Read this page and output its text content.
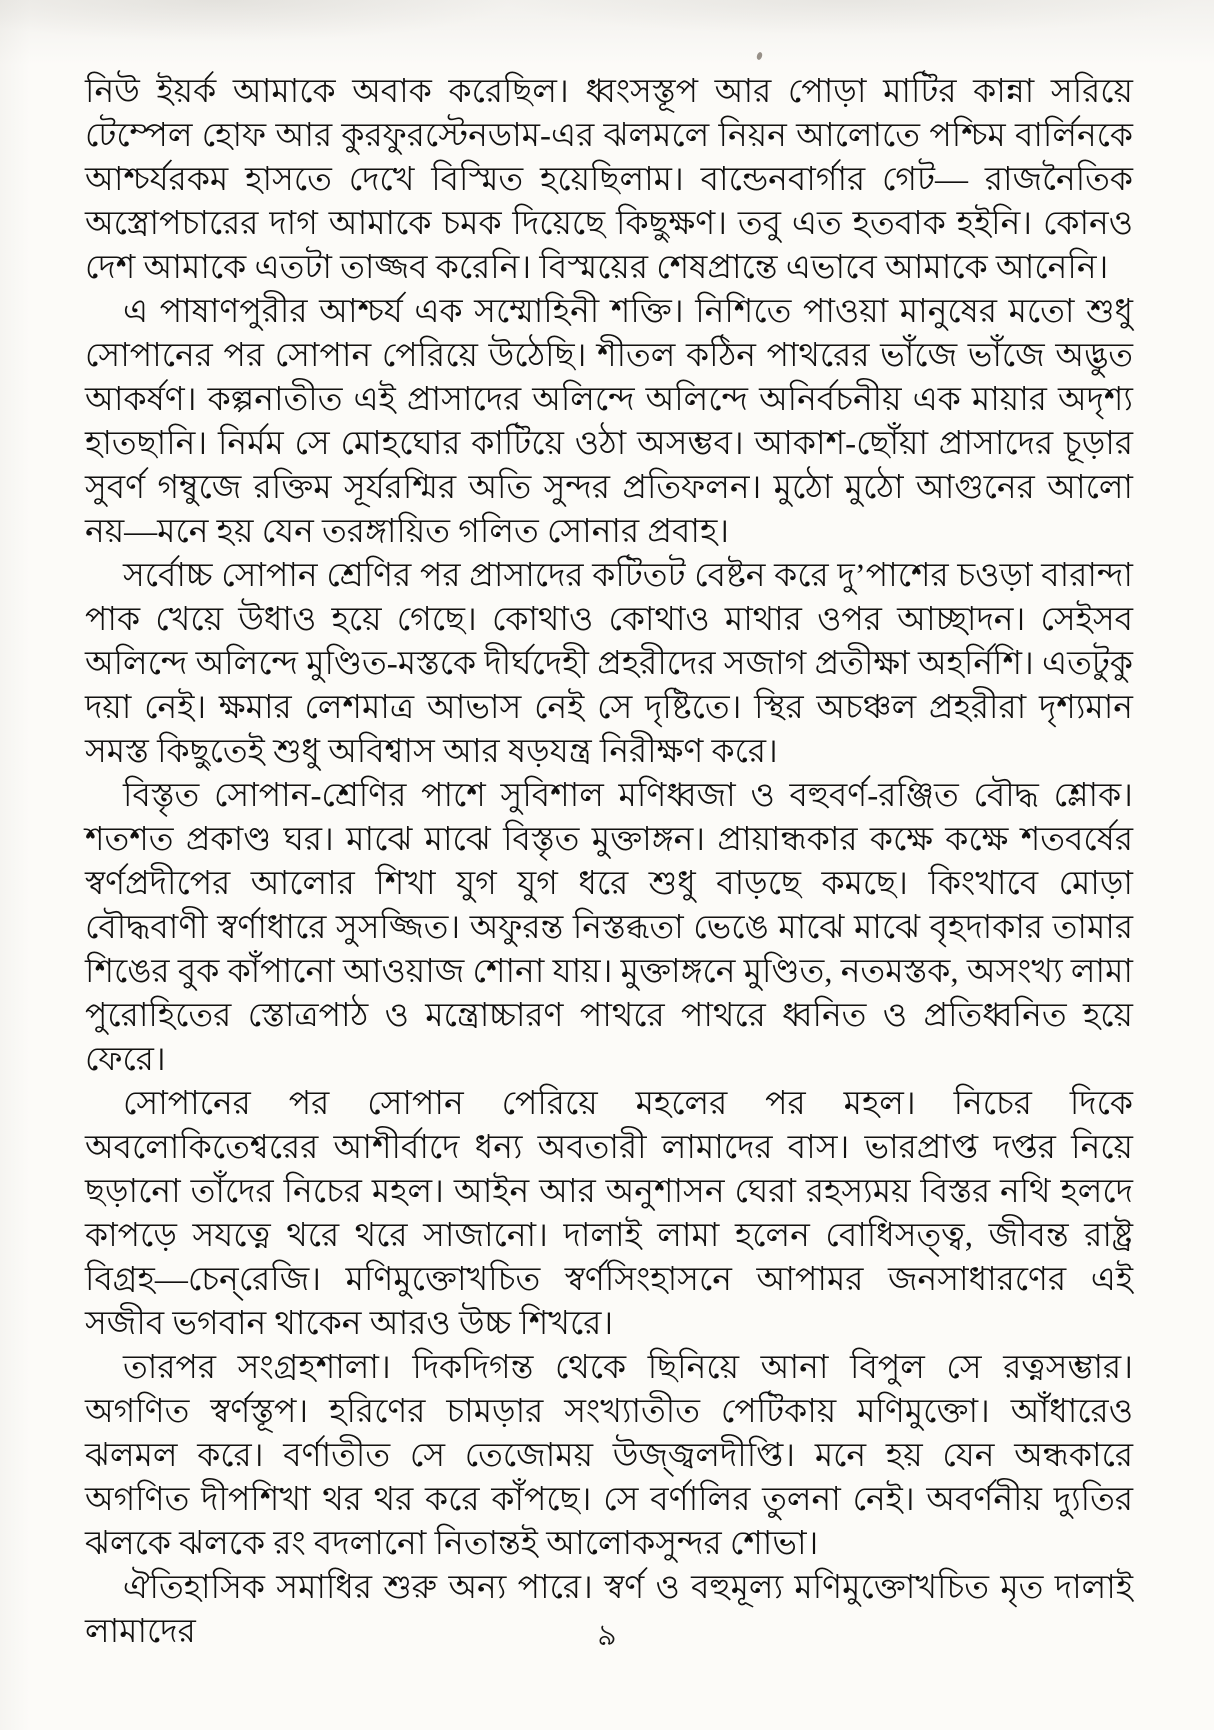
নিউ ইয়র্ক আমাকে অবাক করেছিল। ধ্বংসস্তূপ আর পোড়া মাটির কান্না সরিয়ে টেম্পেল হোফ আর কুরফুরস্টেনডাম-এর ঝলমলে নিয়ন আলোতে পশ্চিম বার্লিনকে আশ্চর্যরকম হাসতে দেখে বিস্মিত হয়েছিলাম। বান্ডেনবার্গার গেট— রাজনৈতিক অস্ত্রোপচারের দাগ আমাকে চমক দিয়েছে কিছুক্ষণ। তবু এত হতবাক হইনি। কোনও দেশ আমাকে এতটা তাজ্জব করেনি। বিস্ময়ের শেষপ্রান্তে এভাবে আমাকে আনেনি।

এ পাষাণপুরীর আশ্চর্য এক সম্মোহিনী শক্তি। নিশিতে পাওয়া মানুষের মতো শুধু সোপানের পর সোপান পেরিয়ে উঠেছি। শীতল কঠিন পাথরের ভাঁজে ভাঁজে অদ্ভুত আকর্ষণ। কল্পনাতীত এই প্রাসাদের অলিন্দে অলিন্দে অনির্বচনীয় এক মায়ার অদৃশ্য হাতছানি। নির্মম সে মোহঘোর কাটিয়ে ওঠা অসম্ভব। আকাশ-ছোঁয়া প্রাসাদের চূড়ার সুবর্ণ গম্বুজে রক্তিম সূর্যরশ্মির অতি সুন্দর প্রতিফলন। মুঠো মুঠো আগুনের আলো নয়—মনে হয় যেন তরঙ্গায়িত গলিত সোনার প্রবাহ।

সর্বোচ্চ সোপান শ্রেণির পর প্রাসাদের কটিতট বেষ্টন করে দু’পাশের চওড়া বারান্দা পাক খেয়ে উধাও হয়ে গেছে। কোথাও কোথাও মাথার ওপর আচ্ছাদন। সেইসব অলিন্দে অলিন্দে মুণ্ডিত-মস্তকে দীর্ঘদেহী প্রহরীদের সজাগ প্রতীক্ষা অহর্নিশি। এতটুকু দয়া নেই। ক্ষমার লেশমাত্র আভাস নেই সে দৃষ্টিতে। স্থির অচঞ্চল প্রহরীরা দৃশ্যমান সমস্ত কিছুতেই শুধু অবিশ্বাস আর ষড়যন্ত্র নিরীক্ষণ করে।

বিস্তৃত সোপান-শ্রেণির পাশে সুবিশাল মণিধ্বজা ও বহুবর্ণ-রঞ্জিত বৌদ্ধ শ্লোক। শতশত প্রকাণ্ড ঘর। মাঝে মাঝে বিস্তৃত মুক্তাঙ্গন। প্রায়ান্ধকার কক্ষে কক্ষে শতবর্ষের স্বর্ণপ্রদীপের আলোর শিখা যুগ যুগ ধরে শুধু বাড়ছে কমছে। কিংখাবে মোড়া বৌদ্ধবাণী স্বর্ণাধারে সুসজ্জিত। অফুরন্ত নিস্তব্ধতা ভেঙে মাঝে মাঝে বৃহদাকার তামার শিঙের বুক কাঁপানো আওয়াজ শোনা যায়। মুক্তাঙ্গনে মুণ্ডিত, নতমস্তক, অসংখ্য লামা পুরোহিতের স্তোত্রপাঠ ও মন্ত্রোচ্চারণ পাথরে পাথরে ধ্বনিত ও প্রতিধ্বনিত হয়ে ফেরে।

সোপানের পর সোপান পেরিয়ে মহলের পর মহল। নিচের দিকে অবলোকিতেশ্বরের আশীর্বাদে ধন্য অবতারী লামাদের বাস। ভারপ্রাপ্ত দপ্তর নিয়ে ছড়ানো তাঁদের নিচের মহল। আইন আর অনুশাসন ঘেরা রহস্যময় বিস্তর নথি হলদে কাপড়ে সযত্নে থরে থরে সাজানো। দালাই লামা হলেন বোধিসত্ত্ব, জীবন্ত রাষ্ট্র বিগ্রহ—চেন্‌রেজি। মণিমুক্তোখচিত স্বর্ণসিংহাসনে আপামর জনসাধারণের এই সজীব ভগবান থাকেন আরও উচ্চ শিখরে।

তারপর সংগ্রহশালা। দিকদিগন্ত থেকে ছিনিয়ে আনা বিপুল সে রত্নসম্ভার। অগণিত স্বর্ণস্তূপ। হরিণের চামড়ার সংখ্যাতীত পেটিকায় মণিমুক্তো। আঁধারেও ঝলমল করে। বর্ণাতীত সে তেজোময় উজ্জ্বলদীপ্তি। মনে হয় যেন অন্ধকারে অগণিত দীপশিখা থর থর করে কাঁপছে। সে বর্ণালির তুলনা নেই। অবর্ণনীয় দ্যুতির ঝলকে ঝলকে রং বদলানো নিতান্তই আলোকসুন্দর শোভা।

ঐতিহাসিক সমাধির শুরু অন্য পারে। স্বর্ণ ও বহুমূল্য মণিমুক্তোখচিত মৃত দালাই লামাদের	৯
